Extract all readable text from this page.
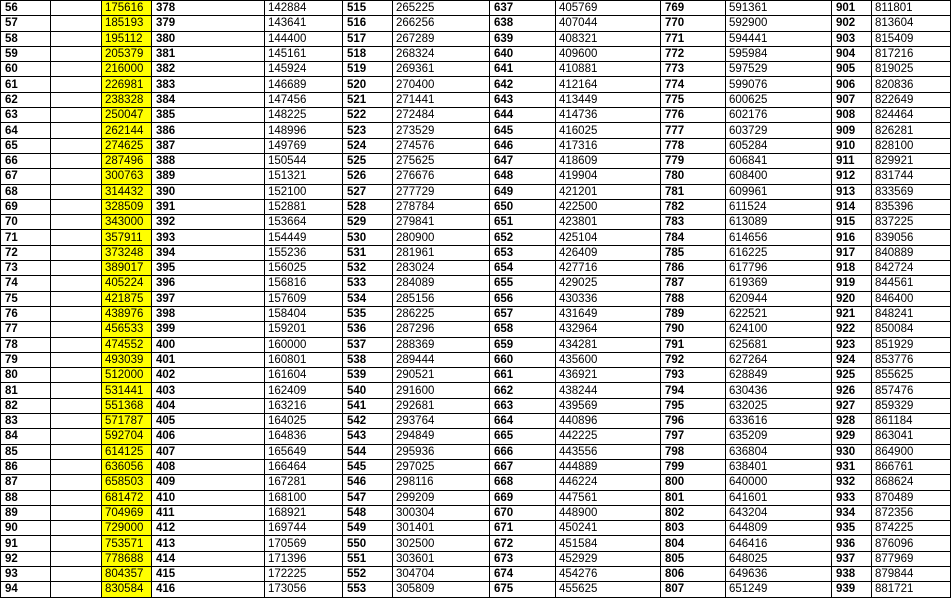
56		175616	378	142884	515	265225	637	405769	769	591361	901	811801
57		185193	379	143641	516	266256	638	407044	770	592900	902	813604
58		195112	380	144400	517	267289	639	408321	771	594441	903	815409
59		205379	381	145161	518	268324	640	409600	772	595984	904	817216
60		216000	382	145924	519	269361	641	410881	773	597529	905	819025
61		226981	383	146689	520	270400	642	412164	774	599076	906	820836
62		238328	384	147456	521	271441	643	413449	775	600625	907	822649
63		250047	385	148225	522	272484	644	414736	776	602176	908	824464
64		262144	386	148996	523	273529	645	416025	777	603729	909	826281
65		274625	387	149769	524	274576	646	417316	778	605284	910	828100
66		287496	388	150544	525	275625	647	418609	779	606841	911	829921
67		300763	389	151321	526	276676	648	419904	780	608400	912	831744
68		314432	390	152100	527	277729	649	421201	781	609961	913	833569
69		328509	391	152881	528	278784	650	422500	782	611524	914	835396
70		343000	392	153664	529	279841	651	423801	783	613089	915	837225
71		357911	393	154449	530	280900	652	425104	784	614656	916	839056
72		373248	394	155236	531	281961	653	426409	785	616225	917	840889
73		389017	395	156025	532	283024	654	427716	786	617796	918	842724
74		405224	396	156816	533	284089	655	429025	787	619369	919	844561
75		421875	397	157609	534	285156	656	430336	788	620944	920	846400
76		438976	398	158404	535	286225	657	431649	789	622521	921	848241
77		456533	399	159201	536	287296	658	432964	790	624100	922	850084
78		474552	400	160000	537	288369	659	434281	791	625681	923	851929
79		493039	401	160801	538	289444	660	435600	792	627264	924	853776
80		512000	402	161604	539	290521	661	436921	793	628849	925	855625
81		531441	403	162409	540	291600	662	438244	794	630436	926	857476
82		551368	404	163216	541	292681	663	439569	795	632025	927	859329
83		571787	405	164025	542	293764	664	440896	796	633616	928	861184
84		592704	406	164836	543	294849	665	442225	797	635209	929	863041
85		614125	407	165649	544	295936	666	443556	798	636804	930	864900
86		636056	408	166464	545	297025	667	444889	799	638401	931	866761
87		658503	409	167281	546	298116	668	446224	800	640000	932	868624
88		681472	410	168100	547	299209	669	447561	801	641601	933	870489
89		704969	411	168921	548	300304	670	448900	802	643204	934	872356
90		729000	412	169744	549	301401	671	450241	803	644809	935	874225
91		753571	413	170569	550	302500	672	451584	804	646416	936	876096
92		778688	414	171396	551	303601	673	452929	805	648025	937	877969
93		804357	415	172225	552	304704	674	454276	806	649636	938	879844
94		830584	416	173056	553	305809	675	455625	807	651249	939	881721
